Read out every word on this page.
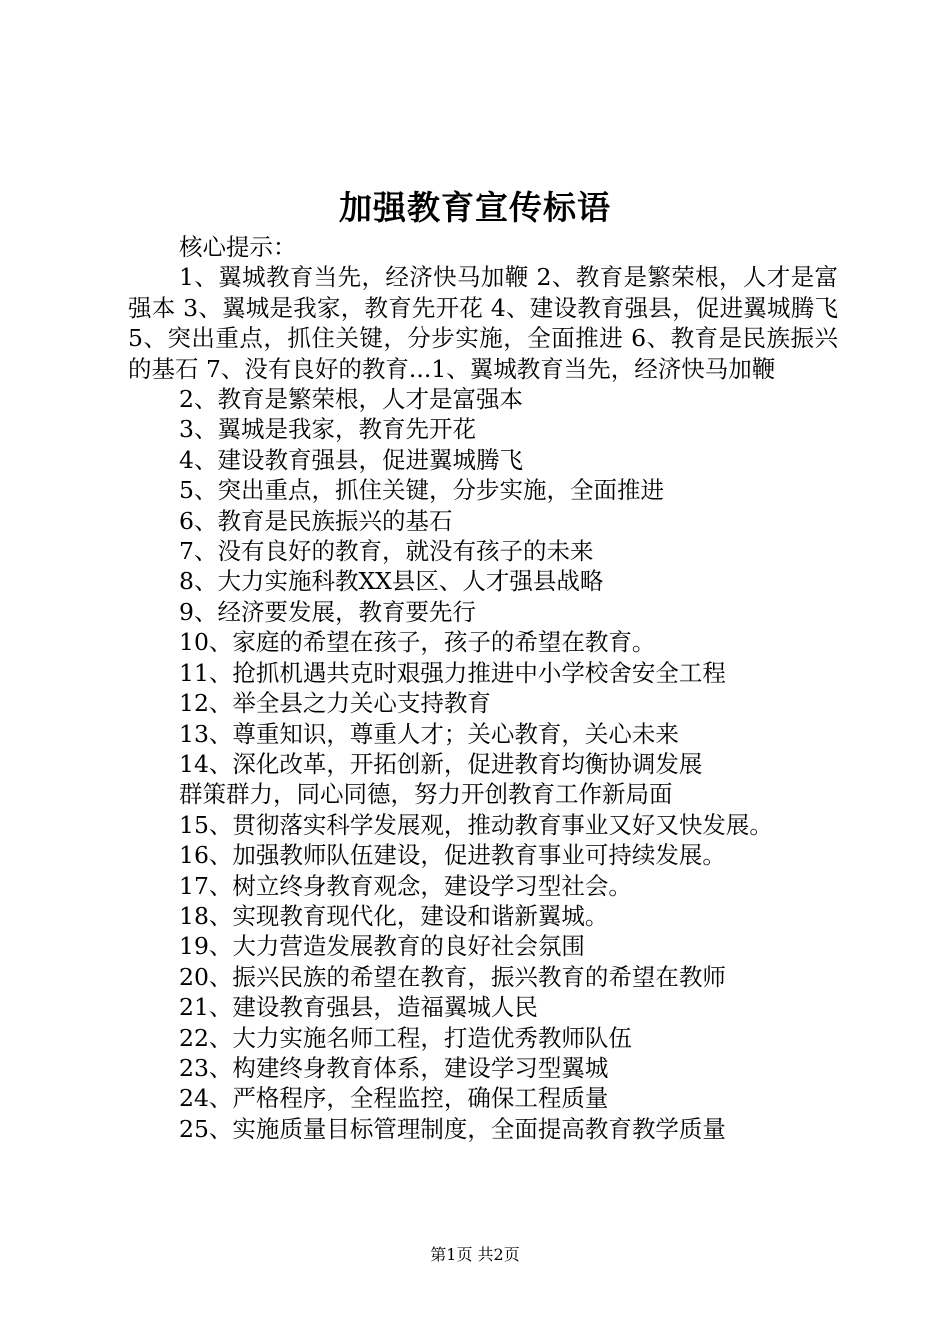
加强教育宣传标语
核心提示：
1、翼城教育当先，经济快马加鞭 2、教育是繁荣根，人才是富强本 3、翼城是我家，教育先开花 4、建设教育强县，促进翼城腾飞 5、突出重点，抓住关键，分步实施，全面推进 6、教育是民族振兴的基石 7、没有良好的教育...1、翼城教育当先，经济快马加鞭
2、教育是繁荣根，人才是富强本
3、翼城是我家，教育先开花
4、建设教育强县，促进翼城腾飞
5、突出重点，抓住关键，分步实施，全面推进
6、教育是民族振兴的基石
7、没有良好的教育，就没有孩子的未来
8、大力实施科教XX县区、人才强县战略
9、经济要发展，教育要先行
10、家庭的希望在孩子，孩子的希望在教育。
11、抢抓机遇共克时艰强力推进中小学校舍安全工程
12、举全县之力关心支持教育
13、尊重知识，尊重人才；关心教育，关心未来
14、深化改革，开拓创新，促进教育均衡协调发展
群策群力，同心同德，努力开创教育工作新局面
15、贯彻落实科学发展观，推动教育事业又好又快发展。
16、加强教师队伍建设，促进教育事业可持续发展。
17、树立终身教育观念，建设学习型社会。
18、实现教育现代化，建设和谐新翼城。
19、大力营造发展教育的良好社会氛围
20、振兴民族的希望在教育，振兴教育的希望在教师
21、建设教育强县，造福翼城人民
22、大力实施名师工程，打造优秀教师队伍
23、构建终身教育体系，建设学习型翼城
24、严格程序，全程监控，确保工程质量
25、实施质量目标管理制度，全面提高教育教学质量
第1页 共2页
